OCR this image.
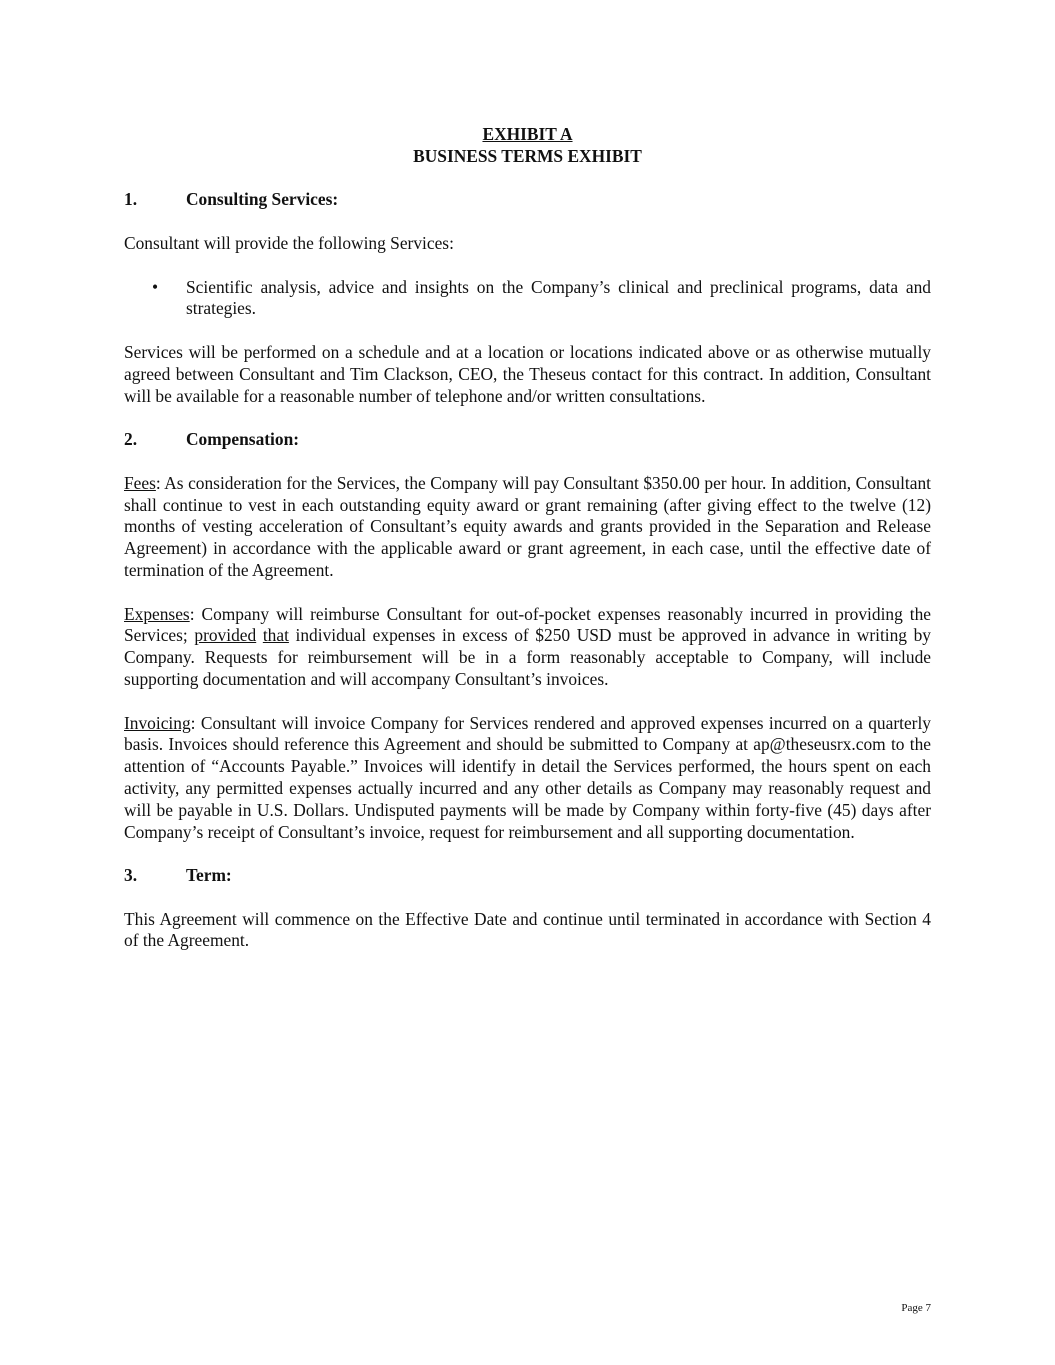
EXHIBIT A
BUSINESS TERMS EXHIBIT
1.	Consulting Services:

Consultant will provide the following Services:

• Scientific analysis, advice and insights on the Company’s clinical and preclinical programs, data and strategies.

Services will be performed on a schedule and at a location or locations indicated above or as otherwise mutually agreed between Consultant and Tim Clackson, CEO, the Theseus contact for this contract. In addition, Consultant will be available for a reasonable number of telephone and/or written consultations.

2.	Compensation:

Fees: As consideration for the Services, the Company will pay Consultant $350.00 per hour. In addition, Consultant shall continue to vest in each outstanding equity award or grant remaining (after giving effect to the twelve (12) months of vesting acceleration of Consultant’s equity awards and grants provided in the Separation and Release Agreement) in accordance with the applicable award or grant agreement, in each case, until the effective date of termination of the Agreement.

Expenses: Company will reimburse Consultant for out-of-pocket expenses reasonably incurred in providing the Services; provided that individual expenses in excess of $250 USD must be approved in advance in writing by Company. Requests for reimbursement will be in a form reasonably acceptable to Company, will include supporting documentation and will accompany Consultant’s invoices.

Invoicing: Consultant will invoice Company for Services rendered and approved expenses incurred on a quarterly basis. Invoices should reference this Agreement and should be submitted to Company at ap@theseusrx.com to the attention of “Accounts Payable.” Invoices will identify in detail the Services performed, the hours spent on each activity, any permitted expenses actually incurred and any other details as Company may reasonably request and will be payable in U.S. Dollars. Undisputed payments will be made by Company within forty-five (45) days after Company’s receipt of Consultant’s invoice, request for reimbursement and all supporting documentation.

3.	Term:

This Agreement will commence on the Effective Date and continue until terminated in accordance with Section 4 of the Agreement.

Page 7
